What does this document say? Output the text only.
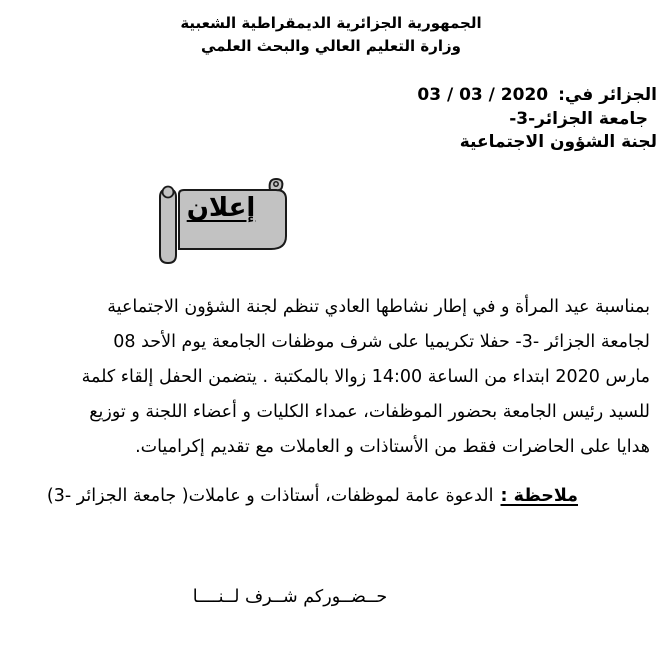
الجمهورية الجزائرية الديمقراطية الشعبية
وزارة التعليم العالي والبحث العلمي
الجزائر في:03 / 03 / 2020
جامعة الجزائر-3-
لجنة الشؤون الاجتماعية
إعلان
بمناسبة عيد المرأة و في إطار نشاطها العادي تنظم لجنة الشؤون الاجتماعية
لجامعة الجزائر -3- حفلا تكريميا على شرف موظفات الجامعة يوم الأحد 08
مارس 2020 ابتداء من الساعة 14:00 زوالا بالمكتبة . يتضمن الحفل إلقاء كلمة
للسيد رئيس الجامعة بحضور الموظفات، عمداء الكليات و أعضاء اللجنة و توزيع
هدايا على الحاضرات فقط من الأستاذات و العاملات مع تقديم إكراميات.
ملاحظة :الدعوة عامة لموظفات، أستاذات و عاملات( جامعة الجزائر -3)
حــضــوركم شــرف لــنــــا
